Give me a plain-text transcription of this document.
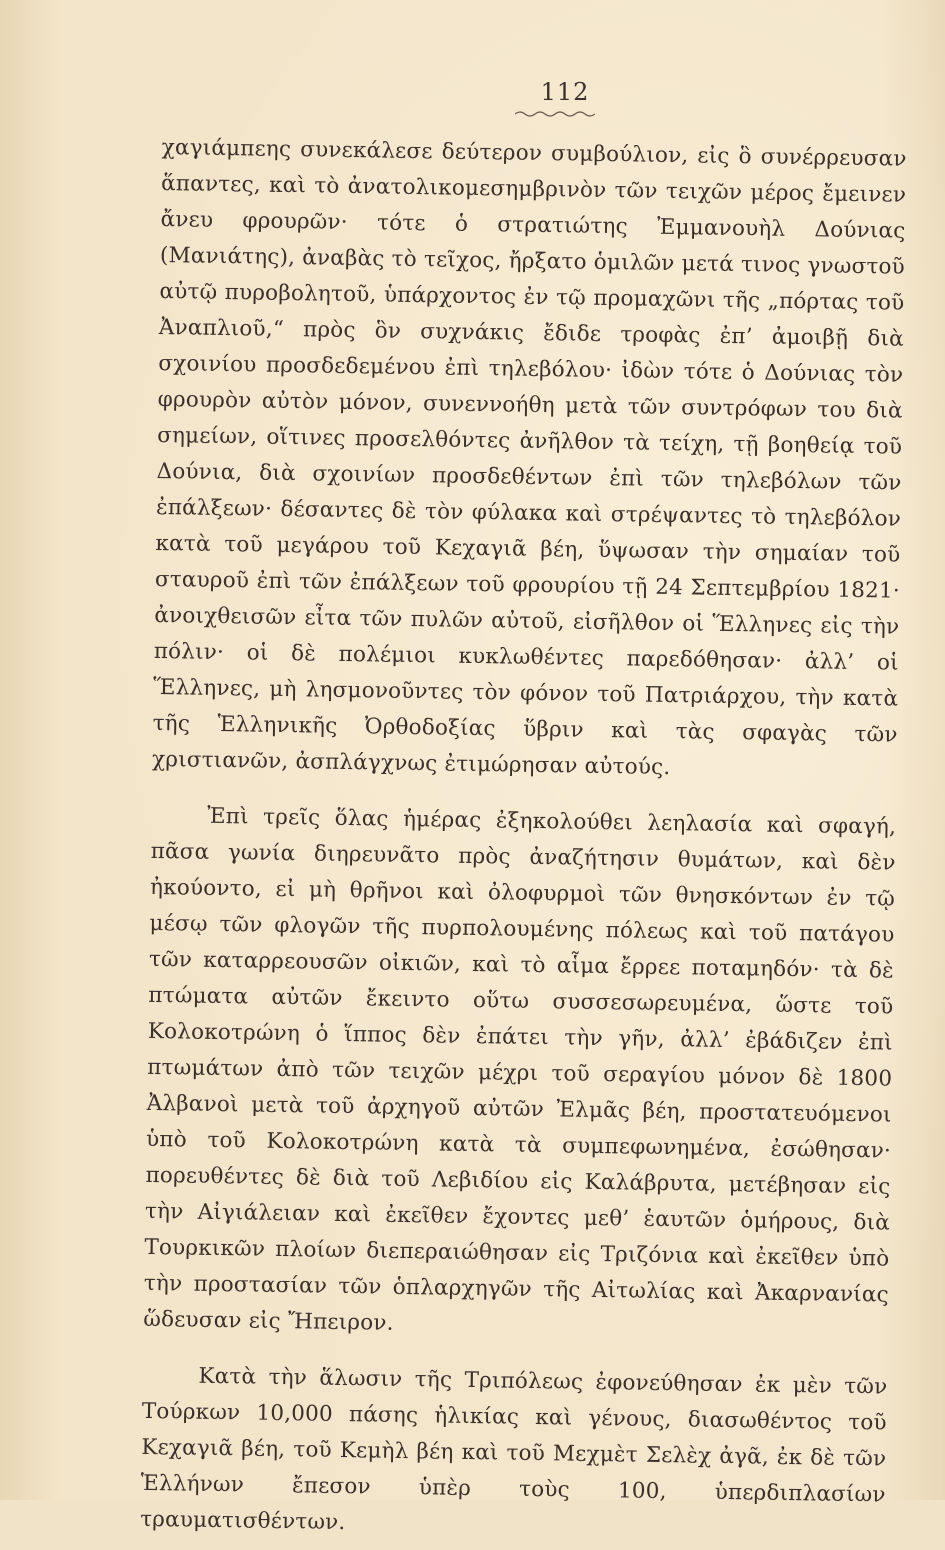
112

χαγιάμπεης συνεκάλεσε δεύτερον συμβούλιον, εἰς ὃ συνέρρευσαν ἅπαντες, καὶ τὸ ἀνατολικομεσημβρινὸν τῶν τειχῶν μέρος ἔμεινεν ἄνευ φρουρῶν· τότε ὁ στρατιώτης Ἐμμανουὴλ Δούνιας (Μανιάτης), ἀναβὰς τὸ τεῖχος, ἤρξατο ὁμιλῶν μετά τινος γνωστοῦ αὐτῷ πυροβολητοῦ, ὑπάρχοντος ἐν τῷ προμαχῶνι τῆς „πόρτας τοῦ Ἀναπλιοῦ,“ πρὸς ὃν συχνάκις ἔδιδε τροφὰς ἐπ’ ἀμοιβῇ διὰ σχοινίου προσδεδεμένου ἐπὶ τηλεβόλου· ἰδὼν τότε ὁ Δούνιας τὸν φρουρὸν αὐτὸν μόνον, συνεννοήθη μετὰ τῶν συντρόφων του διὰ σημείων, οἵτινες προσελθόντες ἀνῆλθον τὰ τείχη, τῇ βοηθείᾳ τοῦ Δούνια, διὰ σχοινίων προσδεθέντων ἐπὶ τῶν τηλεβόλων τῶν ἐπάλξεων· δέσαντες δὲ τὸν φύλακα καὶ στρέψαντες τὸ τηλεβόλον κατὰ τοῦ μεγάρου τοῦ Κεχαγιᾶ βέη, ὕψωσαν τὴν σημαίαν τοῦ σταυροῦ ἐπὶ τῶν ἐπάλξεων τοῦ φρουρίου τῇ 24 Σεπτεμβρίου 1821· ἀνοιχθεισῶν εἶτα τῶν πυλῶν αὐτοῦ, εἰσῆλθον οἱ Ἕλληνες εἰς τὴν πόλιν· οἱ δὲ πολέμιοι κυκλωθέντες παρεδόθησαν· ἀλλ’ οἱ Ἕλληνες, μὴ λησμονοῦντες τὸν φόνον τοῦ Πατριάρχου, τὴν κατὰ τῆς Ἑλληνικῆς Ὀρθοδοξίας ὕβριν καὶ τὰς σφαγὰς τῶν χριστιανῶν, ἀσπλάγχνως ἐτιμώρησαν αὐτούς.

Ἐπὶ τρεῖς ὅλας ἡμέρας ἐξηκολούθει λεηλασία καὶ σφαγή, πᾶσα γωνία διηρευνᾶτο πρὸς ἀναζήτησιν θυμάτων, καὶ δὲν ἠκούοντο, εἰ μὴ θρῆνοι καὶ ὀλοφυρμοὶ τῶν θνησκόντων ἐν τῷ μέσῳ τῶν φλογῶν τῆς πυρπολουμένης πόλεως καὶ τοῦ πατάγου τῶν καταρρεουσῶν οἰκιῶν, καὶ τὸ αἷμα ἔρρεε ποταμηδόν· τὰ δὲ πτώματα αὐτῶν ἔκειντο οὕτω συσσεσωρευμένα, ὥστε τοῦ Κολοκοτρώνη ὁ ἵππος δὲν ἐπάτει τὴν γῆν, ἀλλ’ ἐβάδιζεν ἐπὶ πτωμάτων ἀπὸ τῶν τειχῶν μέχρι τοῦ σεραγίου μόνον δὲ 1800 Ἀλβανοὶ μετὰ τοῦ ἀρχηγοῦ αὐτῶν Ἐλμᾶς βέη, προστατευόμενοι ὑπὸ τοῦ Κολοκοτρώνη κατὰ τὰ συμπεφωνημένα, ἐσώθησαν· πορευθέντες δὲ διὰ τοῦ Λεβιδίου εἰς Καλάβρυτα, μετέβησαν εἰς τὴν Αἰγιάλειαν καὶ ἐκεῖθεν ἔχοντες μεθ’ ἑαυτῶν ὁμήρους, διὰ Τουρκικῶν πλοίων διεπεραιώθησαν εἰς Τριζόνια καὶ ἐκεῖθεν ὑπὸ τὴν προστασίαν τῶν ὁπλαρχηγῶν τῆς Αἰτωλίας καὶ Ἀκαρνανίας ὥδευσαν εἰς Ἤπειρον.

Κατὰ τὴν ἅλωσιν τῆς Τριπόλεως ἐφονεύθησαν ἐκ μὲν τῶν Τούρκων 10,000 πάσης ἡλικίας καὶ γένους, διασωθέντος τοῦ Κεχαγιᾶ βέη, τοῦ Κεμὴλ βέη καὶ τοῦ Μεχμὲτ Σελὲχ ἀγᾶ, ἐκ δὲ τῶν Ἑλλήνων ἔπεσον ὑπὲρ τοὺς 100, ὑπερδιπλασίων τραυματισθέντων.
